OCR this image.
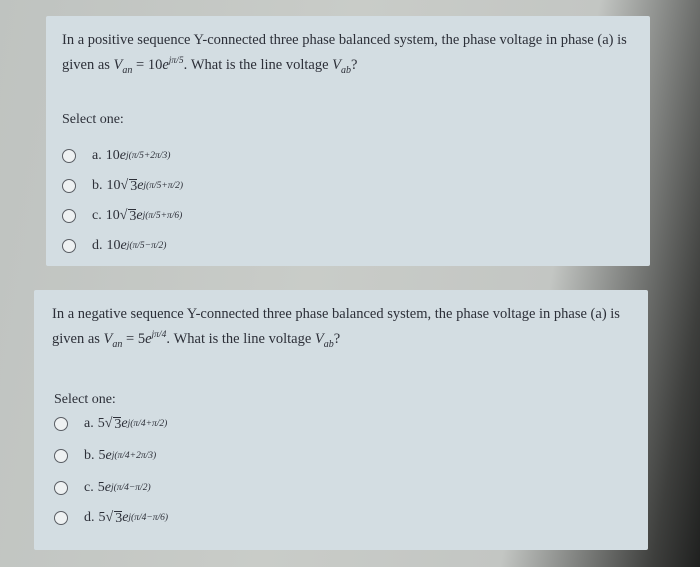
In a positive sequence Y-connected three phase balanced system, the phase voltage in phase (a) is given as $V_{an} = 10e^{j\pi/5}$. What is the line voltage $V_{ab}$?
Select one:
a. 10 e j(π/5+2π/3)
b. 10 √ 3 e j(π/5+π/2)
c. 10 √ 3 e j(π/5+π/6)
d. 10 e j(π/5−π/2)
In a negative sequence Y-connected three phase balanced system, the phase voltage in phase (a) is given as $V_{an} = 5e^{j\pi/4}$. What is the line voltage $V_{ab}$?
Select one:
a. 5 √ 3 e j(π/4+π/2)
b. 5 e j(π/4+2π/3)
c. 5 e j(π/4−π/2)
d. 5 √ 3 e j(π/4−π/6)
